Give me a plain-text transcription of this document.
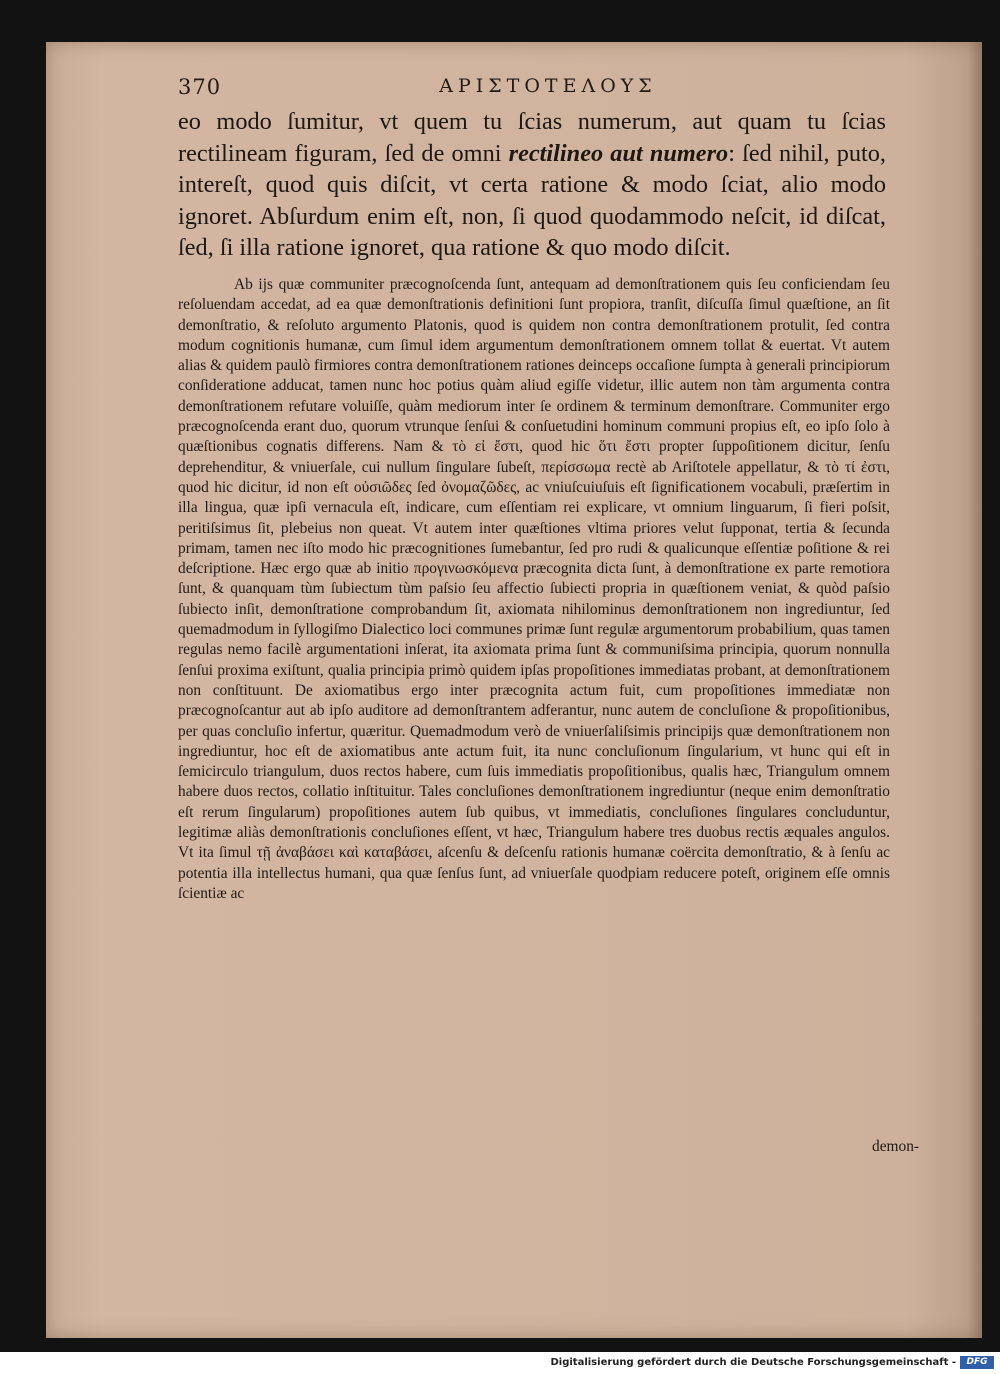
370	ΑΡΙΣΤΟΤΕΛΟΥΣ
eo modo ſumitur, vt quem tu ſcias numerum, aut quam tu ſcias rectilineam figuram, ſed de omni rectilineo aut numero: ſed nihil, puto, intereſt, quod quis diſcit, vt certa ratione & modo ſciat, alio modo ignoret. Abſurdum enim eſt, non, ſi quod quodammodo neſcit, id diſcat, ſed, ſi illa ratione ignoret, qua ratione & quo modo diſcit.
Ab ijs quæ communiter præcognoſcenda ſunt, antequam ad demonſtrationem quis ſeu conficiendam ſeu reſoluendam accedat, ad ea quæ demonſtrationis definitioni ſunt propiora, tranſit, diſcuſſa ſimul quæſtione, an ſit demonſtratio, & reſoluto argumento Platonis, quod is quidem non contra demonſtrationem protulit, ſed contra modum cognitionis humanæ, cum ſimul idem argumentum demonſtrationem omnem tollat & euertat. Vt autem alias & quidem paulò firmiores contra demonſtrationem rationes deinceps occaſione ſumpta à generali principiorum conſideratione adducat, tamen nunc hoc potius quàm aliud egiſſe videtur, illic autem non tàm argumenta contra demonſtrationem refutare voluiſſe, quàm mediorum inter ſe ordinem & terminum demonſtrare. Communiter ergo præcognoſcenda erant duo, quorum vtrunque ſenſui & conſuetudini hominum communi propius eſt, eo ipſo ſolo à quæſtionibus cognatis differens. Nam & τὸ εἰ ἔστι, quod hic ὅτι ἔστι propter ſuppoſitionem dicitur, ſenſu deprehenditur, & vniuerſale, cui nullum ſingulare ſubeſt, περίσσωμα rectè ab Ariſtotele appellatur, & τὸ τί ἐστι, quod hic dicitur, id non eſt οὐσιῶδες ſed ὀνομαζῶδες, ac vniuſcuiuſuis eſt ſignificationem vocabuli, præſertim in illa lingua, quæ ipſi vernacula eſt, indicare, cum eſſentiam rei explicare, vt omnium linguarum, ſi fieri poſsit, peritiſsimus ſit, plebeius non queat. Vt autem inter quæſtiones vltima priores velut ſupponat, tertia & ſecunda primam, tamen nec iſto modo hic præcognitiones ſumebantur, ſed pro rudi & qualicunque eſſentiæ poſitione & rei deſcriptione. Hæc ergo quæ ab initio προγινωσκόμενα præcognita dicta ſunt, à demonſtratione ex parte remotiora ſunt, & quanquam tùm ſubiectum tùm paſsio ſeu affectio ſubiecti propria in quæſtionem veniat, & quòd paſsio ſubiecto inſit, demonſtratione comprobandum ſit, axiomata nihilominus demonſtrationem non ingrediuntur, ſed quemadmodum in ſyllogiſmo Dialectico loci communes primæ ſunt regulæ argumentorum probabilium, quas tamen regulas nemo facilè argumentationi inſerat, ita axiomata prima ſunt & communiſsima principia, quorum nonnulla ſenſui proxima exiſtunt, qualia principia primò quidem ipſas propoſitiones immediatas probant, at demonſtrationem non conſtituunt. De axiomatibus ergo inter præcognita actum fuit, cum propoſitiones immediatæ non præcognoſcantur aut ab ipſo auditore ad demonſtrantem adferantur, nunc autem de concluſione & propoſitionibus, per quas concluſio infertur, quæritur. Quemadmodum verò de vniuerſaliſsimis principijs quæ demonſtrationem non ingrediuntur, hoc eſt de axiomatibus ante actum fuit, ita nunc concluſionum ſingularium, vt hunc qui eſt in ſemicirculo triangulum, duos rectos habere, cum ſuis immediatis propoſitionibus, qualis hæc, Triangulum omnem habere duos rectos, collatio inſtituitur. Tales concluſiones demonſtrationem ingrediuntur (neque enim demonſtratio eſt rerum ſingularum) propoſitiones autem ſub quibus, vt immediatis, concluſiones ſingulares concluduntur, legitimæ aliàs demonſtrationis concluſiones eſſent, vt hæc, Triangulum habere tres duobus rectis æquales angulos. Vt ita ſimul τῇ ἀναβάσει καὶ καταβάσει, aſcenſu & deſcenſu rationis humanæ coërcita demonſtratio, & à ſenſu ac potentia illa intellectus humani, qua quæ ſenſus ſunt, ad vniuerſale quodpiam reducere poteſt, originem eſſe omnis ſcientiæ ac
Digitalisierung gefördert durch die Deutsche Forschungsgemeinschaft -	DFG
demon-
